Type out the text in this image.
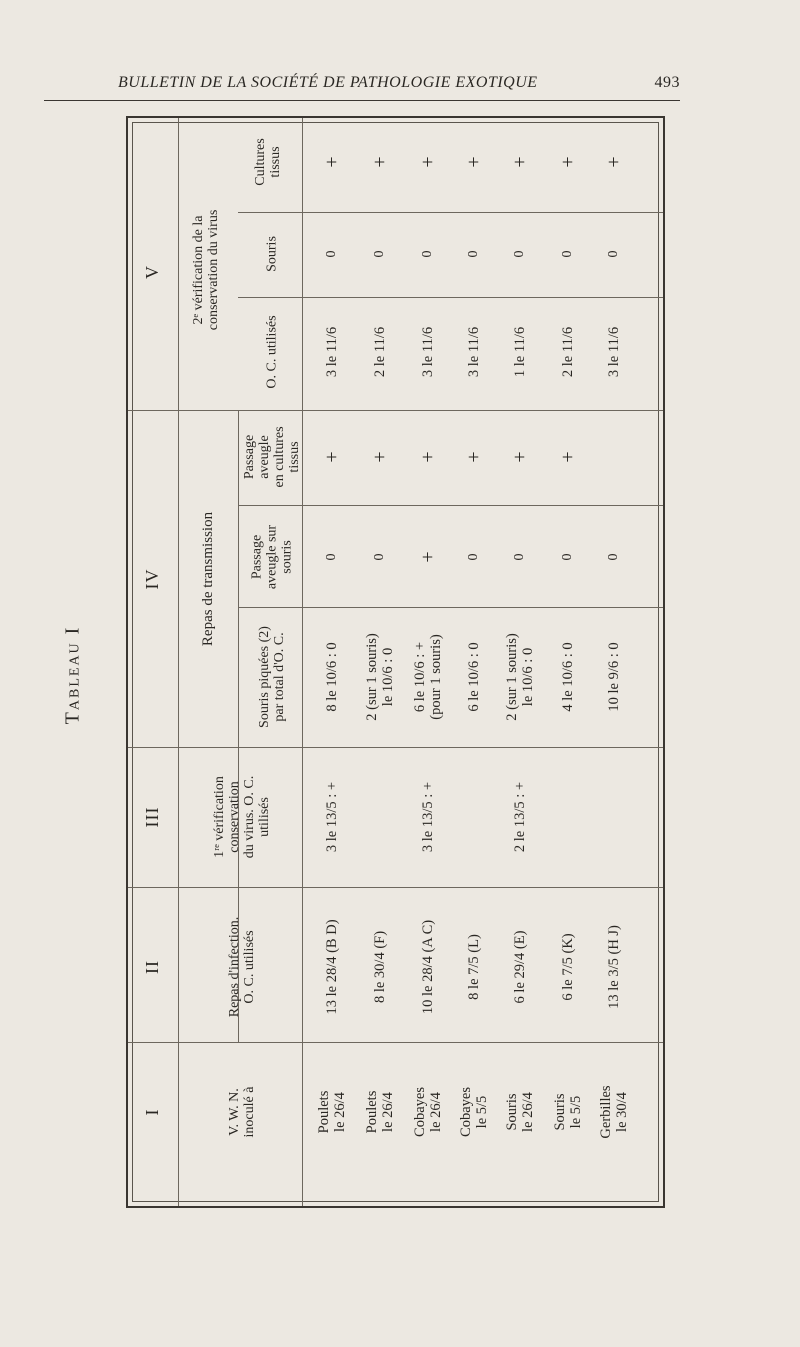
BULLETIN DE LA SOCIÉTÉ DE PATHOLOGIE EXOTIQUE	493
Tableau I
V
IV
III
II
I
2ᵉ vérification de la
conservation du virus
Repas de transmission
Cultures
tissus
Souris
O. C. utilisés
Passage
aveugle
en cultures
tissus
Passage
aveugle sur
souris
Souris piquées (2)
par total d'O. C.
1ʳᵉ vérification
conservation
du virus. O. C.
utilisés
Repas d'infection.
O. C. utilisés
V. W. N.
inoculé à
+
0
3 le 11/6
+
0
8 le 10/6 : 0
3 le 13/5 : +
13 le 28/4 (B D)
Poulets
le 26/4
+
0
2 le 11/6
+
0
2 (sur 1 souris)
le 10/6 : 0
8 le 30/4 (F)
Poulets
le 26/4
+
0
3 le 11/6
+
+
6 le 10/6 : +
(pour 1 souris)
3 le 13/5 : +
10 le 28/4 (A C)
Cobayes
le 26/4
+
0
3 le 11/6
+
0
6 le 10/6 : 0
8 le 7/5 (L)
Cobayes
le 5/5
+
0
1 le 11/6
+
0
2 (sur 1 souris)
le 10/6 : 0
2 le 13/5 : +
6 le 29/4 (E)
Souris
le 26/4
+
0
2 le 11/6
+
0
4 le 10/6 : 0
6 le 7/5 (K)
Souris
le 5/5
+
0
3 le 11/6
0
10 le 9/6 : 0
13 le 3/5 (H J)
Gerbilles
le 30/4
